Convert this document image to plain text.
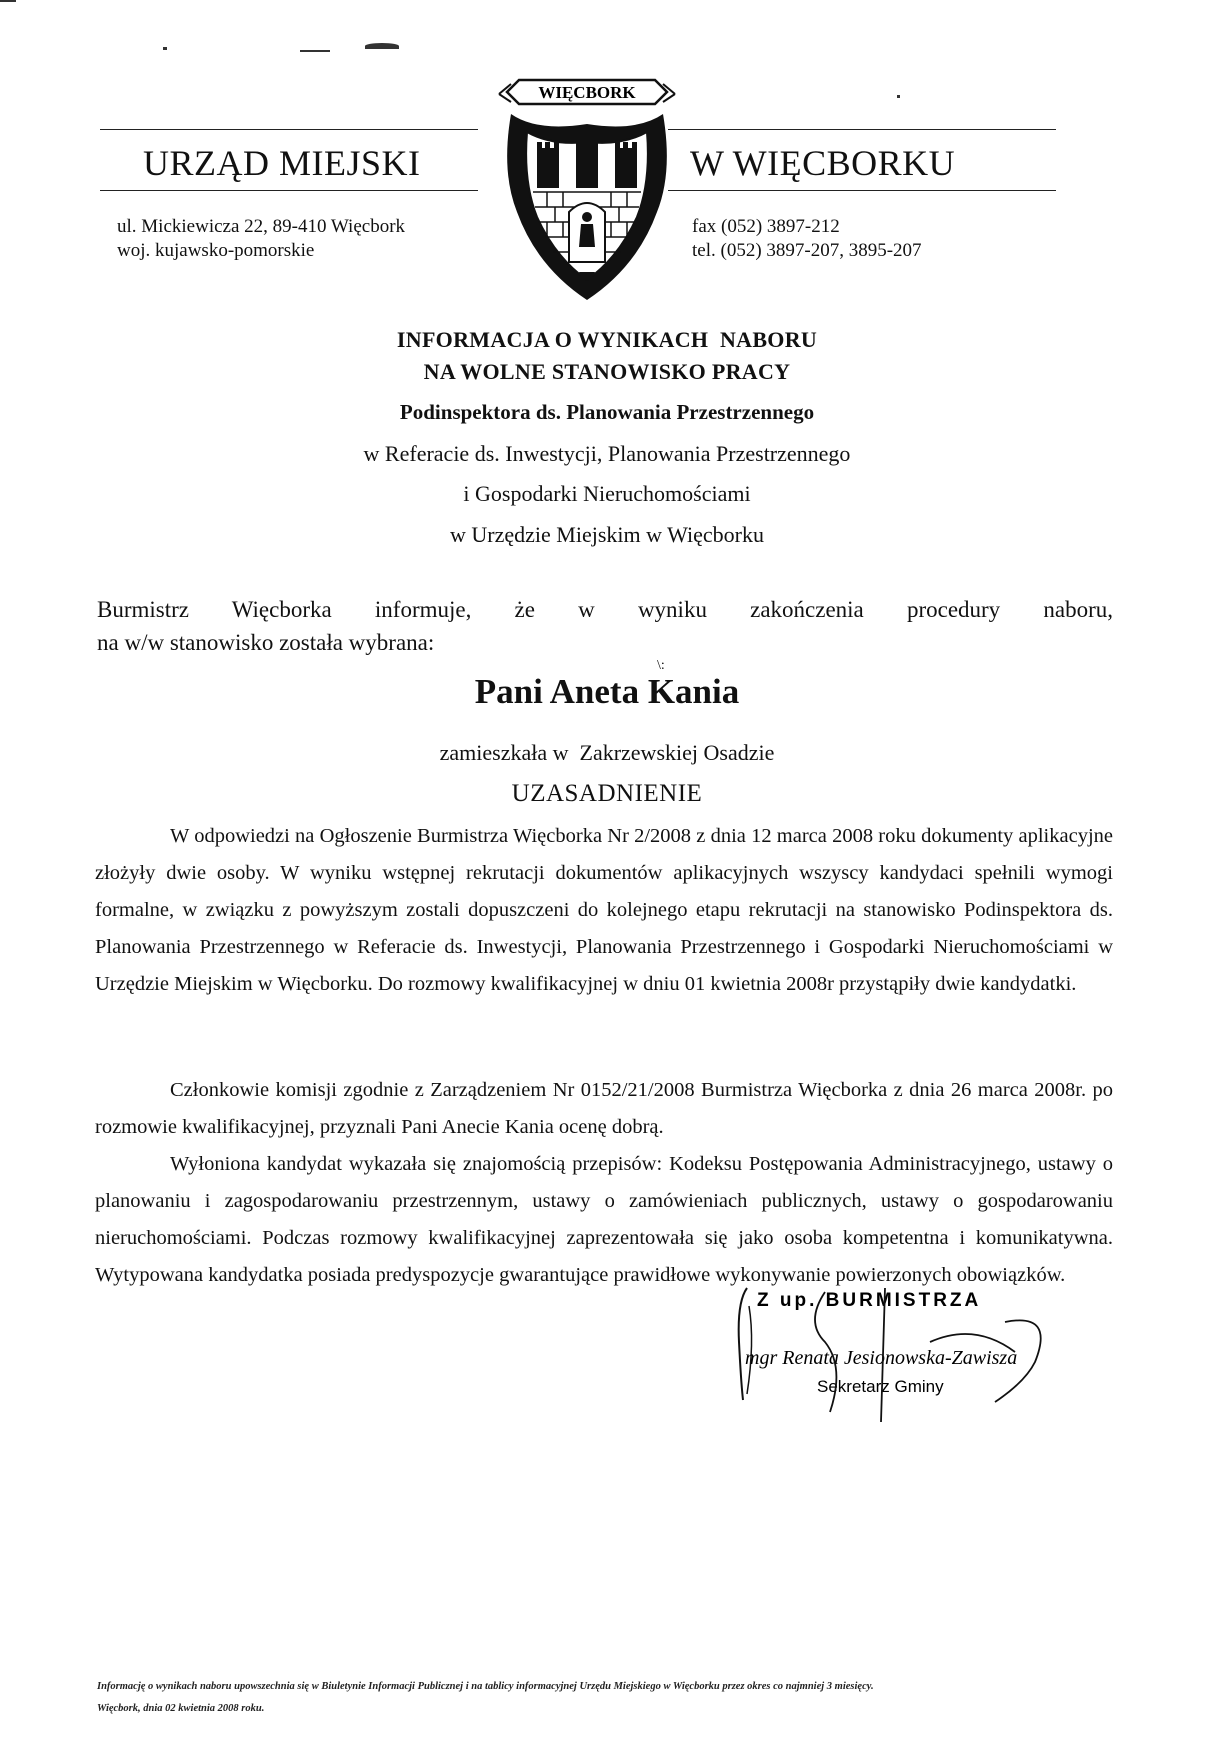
URZĄD MIEJSKI	W WIĘCBORKU
ul. Mickiewicza 22, 89-410 Więcbork
woj. kujawsko-pomorskie
fax (052) 3897-212
tel. (052) 3897-207, 3895-207
WIĘCBORK
INFORMACJA O WYNIKACH  NABORU
NA WOLNE STANOWISKO PRACY
Podinspektora ds. Planowania Przestrzennego
w Referacie ds. Inwestycji, Planowania Przestrzennego
i Gospodarki Nieruchomościami
w Urzędzie Miejskim w Więcborku
Burmistrz Więcborka informuje, że w wyniku zakończenia procedury naboru,
na w/w stanowisko została wybrana:
\:
Pani Aneta Kania
zamieszkała w  Zakrzewskiej Osadzie
UZASADNIENIE

W odpowiedzi na Ogłoszenie Burmistrza Więcborka Nr 2/2008 z dnia 12 marca 2008 roku dokumenty aplikacyjne złożyły dwie osoby. W wyniku wstępnej rekrutacji dokumentów aplikacyjnych wszyscy kandydaci spełnili wymogi formalne, w związku z powyższym zostali dopuszczeni do kolejnego etapu rekrutacji na stanowisko Podinspektora ds. Planowania Przestrzennego w Referacie ds. Inwestycji, Planowania Przestrzennego i Gospodarki Nieruchomościami w Urzędzie Miejskim w Więcborku. Do rozmowy kwalifikacyjnej w dniu 01 kwietnia 2008r przystąpiły dwie kandydatki.

Członkowie komisji zgodnie z Zarządzeniem Nr 0152/21/2008 Burmistrza Więcborka z dnia 26 marca 2008r. po rozmowie kwalifikacyjnej, przyznali Pani Anecie Kania ocenę dobrą.

Wyłoniona kandydat wykazała się znajomością przepisów: Kodeksu Postępowania Administracyjnego, ustawy o planowaniu i zagospodarowaniu przestrzennym, ustawy o zamówieniach publicznych, ustawy o gospodarowaniu nieruchomościami. Podczas rozmowy kwalifikacyjnej zaprezentowała się jako osoba kompetentna i komunikatywna. Wytypowana kandydatka posiada predyspozycje gwarantujące prawidłowe wykonywanie powierzonych obowiązków.

Z up. BURMISTRZA
mgr Renata Jesionowska-Zawisza
Sekretarz Gminy
Informację o wynikach naboru upowszechnia się w Biuletynie Informacji Publicznej i na tablicy informacyjnej Urzędu Miejskiego w Więcborku przez okres co najmniej 3 miesięcy.
Więcbork, dnia 02 kwietnia 2008 roku.
